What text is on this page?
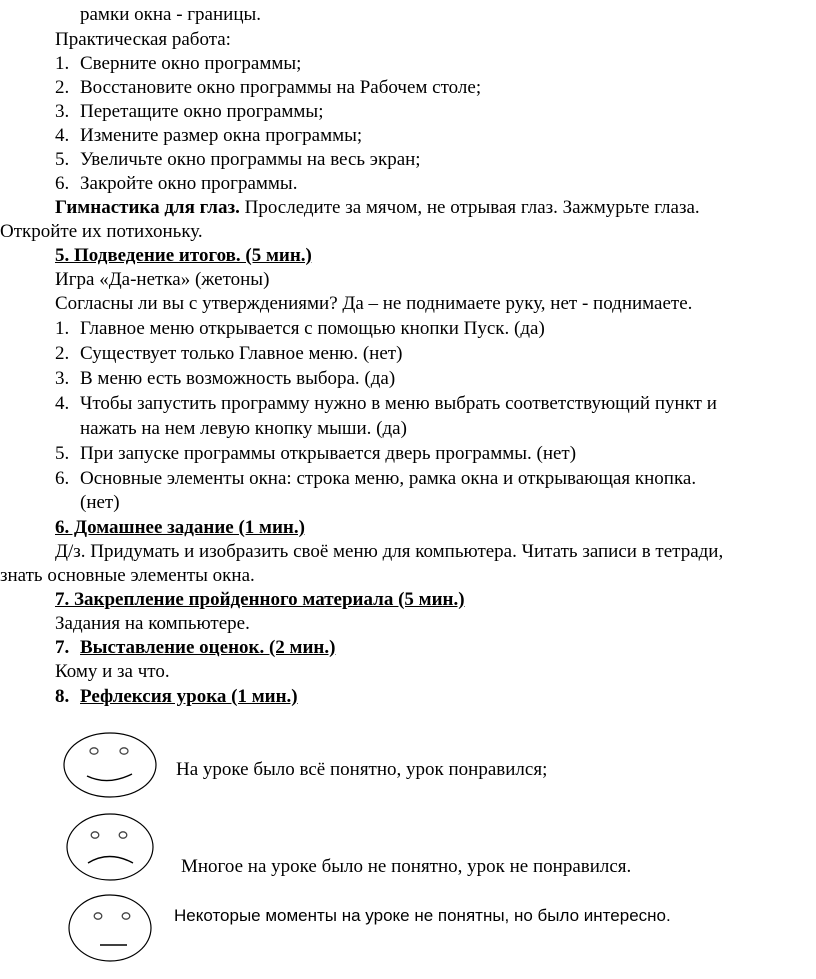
рамки окна - границы.
Практическая работа:
1. Сверните окно программы;
2. Восстановите окно программы на Рабочем столе;
3. Перетащите окно программы;
4. Измените размер окна программы;
5. Увеличьте окно программы на весь экран;
6. Закройте окно программы.
Гимнастика для глаз. Проследите за мячом, не отрывая глаз. Зажмурьте глаза.
Откройте их потихоньку.
5. Подведение итогов. (5 мин.)
Игра «Да-нетка» (жетоны)
Согласны ли вы с утверждениями? Да – не поднимаете руку, нет - поднимаете.
1. Главное меню открывается с помощью кнопки Пуск. (да)
2. Существует только Главное меню. (нет)
3. В меню есть возможность выбора. (да)
4. Чтобы запустить программу нужно в меню выбрать соответствующий пункт и
нажать на нем левую кнопку мыши. (да)
5. При запуске программы открывается дверь программы. (нет)
6. Основные элементы окна: строка меню, рамка окна и открывающая кнопка.
(нет)
6. Домашнее задание (1 мин.)
Д/з. Придумать и изобразить своё меню для компьютера. Читать записи в тетради,
знать основные элементы окна.
7. Закрепление пройденного материала (5 мин.)
Задания на компьютере.
7. Выставление оценок. (2 мин.)
Кому и за что.
8. Рефлексия урока (1 мин.)
На уроке было всё понятно, урок понравился;
Многое на уроке было не понятно, урок не понравился.
Некоторые моменты на уроке не понятны, но было интересно.
